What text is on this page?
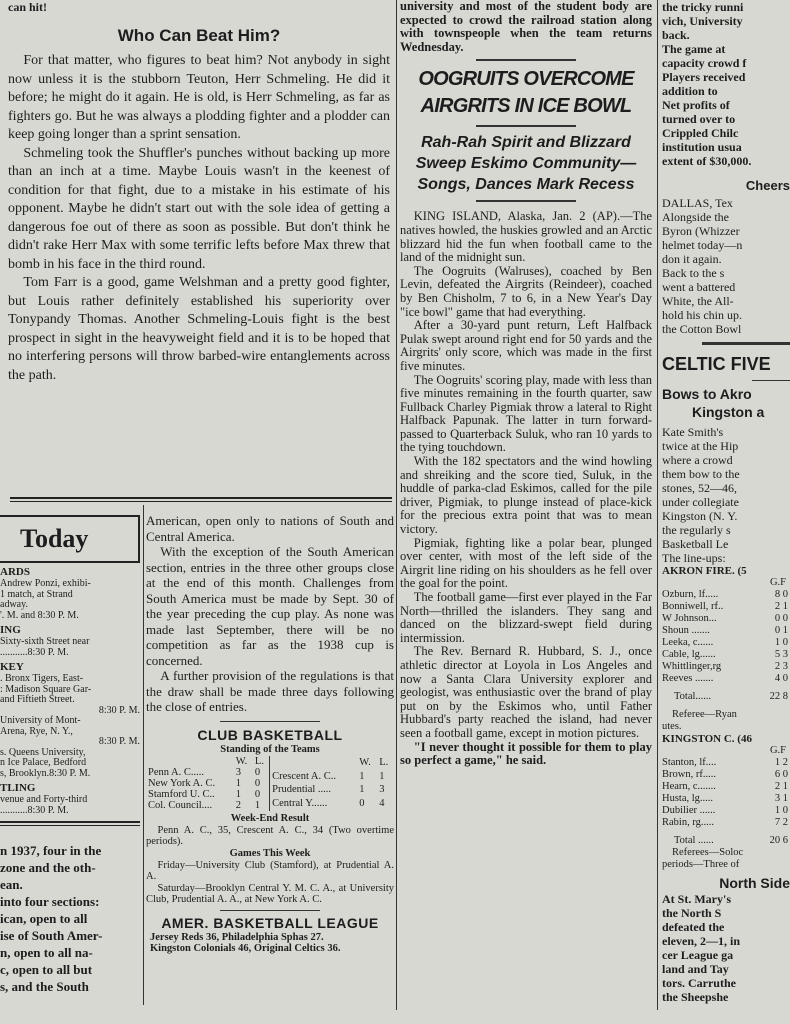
can hit!

Who Can Beat Him?

For that matter, who figures to beat him? Not anybody in sight now unless it is the stubborn Teuton, Herr Schmeling. He did it before; he might do it again. He is old, is Herr Schmeling, as far as fighters go. But he was always a plodding fighter and a plodder can keep going longer than a sprint sensation.

Schmeling took the Shuffler's punches without backing up more than an inch at a time. Maybe Louis wasn't in the keenest of condition for that fight, due to a mistake in his estimate of his opponent. Maybe he didn't start out with the sole idea of getting a dangerous foe out of there as soon as possible. But don't think he didn't rake Herr Max with some terrific lefts before Max threw that bomb in his face in the third round.

Tom Farr is a good, game Welshman and a pretty good fighter, but Louis rather definitely established his superiority over Tonypandy Thomas. Another Schmeling-Louis fight is the best prospect in sight in the heavyweight field and it is to be hoped that no interfering persons will throw barbed-wire entanglements across the path.

university and most of the student body are expected to crowd the railroad station along with townspeople when the team returns Wednesday.

OOGRUITS OVERCOME
AIRGRITS IN ICE BOWL
Rah-Rah Spirit and Blizzard
Sweep Eskimo Community—
Songs, Dances Mark Recess

KING ISLAND, Alaska, Jan. 2 (AP).—The natives howled, the huskies growled and an Arctic blizzard hid the fun when football came to the land of the midnight sun.

The Oogruits (Walruses), coached by Ben Levin, defeated the Airgrits (Reindeer), coached by Ben Chisholm, 7 to 6, in a New Year's Day "ice bowl" game that had everything.

After a 30-yard punt return, Left Halfback Pulak swept around right end for 50 yards and the Airgrits' only score, which was made in the first five minutes.

The Oogruits' scoring play, made with less than five minutes remaining in the fourth quarter, saw Fullback Charley Pigmiak throw a lateral to Right Halfback Papunak. The latter in turn forward-passed to Quarterback Suluk, who ran 10 yards to the tying touchdown.

With the 182 spectators and the wind howling and shreiking and the score tied, Suluk, in the huddle of parka-clad Eskimos, called for the pile driver, Pigmiak, to plunge instead of place-kick for the precious extra point that was to mean victory.

Pigmiak, fighting like a polar bear, plunged over center, with most of the left side of the Airgrit line riding on his shoulders as he fell over the goal for the point.

The football game—first ever played in the Far North—thrilled the islanders. They sang and danced on the blizzard-swept field during intermission.

The Rev. Bernard R. Hubbard, S. J., once athletic director at Loyola in Los Angeles and now a Santa Clara University explorer and geologist, was enthusiastic over the brand of play put on by the Eskimos who, until Father Hubbard's party reached the island, had never seen a football game, except in motion pictures.

"I never thought it possible for them to play so perfect a game," he said.

the tricky runni
vich, University
back.
The game at
capacity crowd f
Players received
addition to
Net profits of
turned over to
Crippled Chilc
institution usua
extent of $30,000.
Cheers
DALLAS, Tex
Alongside the
Byron (Whizzer
helmet today—n
don it again.
Back to the s
went a battered
White, the All-
hold his chin up.
the Cotton Bowl
CELTIC FIVE
Bows to Akro
Kingston a
Kate Smith's
twice at the Hip
where a crowd
them bow to the
stones, 52—46,
under collegiate
Kingston (N. Y.
the regularly s
Basketball Le
The line-ups:
AKRON FIRE. (5
G.F
Ozburn, lf.....	8 0
Bonniwell, rf..	2 1
W Johnson...	0 0
Shoun .......	0 1
Leeka, c......	1 0
Cable, lg......	5 3
Whittlinger,rg	2 3
Reeves .......	4 0
Total......	22 8
Referee—Ryan
utes.
KINGSTON C. (46
G.F
Stanton, lf....	1 2
Brown, rf.....	6 0
Hearn, c.......	2 1
Husta, lg.....	3 1
Dubilier ......	1 0
Rabin, rg.....	7 2
Total ......	20 6
Referees—Soloc
periods—Three of
North Side
At St. Mary's
the North S
defeated the
eleven, 2—1, in
cer League ga
land and Tay
tors. Carruthe
the Sheepshe
Today
ARDS
Andrew Ponzi, exhibi-
1 match, at Strand
adway.
'. M. and 8:30 P. M.
ING
Sixty-sixth Street near
...........8:30 P. M.
KEY
. Bronx Tigers, East-
: Madison Square Gar-
and Fiftieth Street.
8:30 P. M.
University of Mont-
Arena, Rye, N. Y.,
8:30 P. M.
s. Queens University,
n Ice Palace, Bedford
s, Brooklyn.8:30 P. M.
TLING
venue and Forty-third
...........8:30 P. M.
n 1937, four in the
zone and the oth-
ean.
into four sections:
ican, open to all
ise of South Amer-
n, open to all na-
c, open to all but
s, and the South

American, open only to nations of South and Central America.

With the exception of the South American section, entries in the three other groups close at the end of this month. Challenges from South America must be made by Sept. 30 of the year preceding the cup play. As none was made last September, there will be no competition as far as the 1938 cup is concerned.

A further provision of the regulations is that the draw shall be made three days following the close of entries.

CLUB BASKETBALL
Standing of the Teams
	W.	L.
Penn A. C.....	3	0
New York A. C.	1	0
Stamford U. C..	1	0
Col. Council....	2	1
	W.	L.
Crescent A. C..	1	1
Prudential .....	1	3
Central Y......	0	4
Week-End Result

Penn A. C., 35, Crescent A. C., 34 (Two overtime periods).

Games This Week

Friday—University Club (Stamford), at Prudential A. A.

Saturday—Brooklyn Central Y. M. C. A., at University Club, Prudential A. A., at New York A. C.

AMER. BASKETBALL LEAGUE

Jersey Reds 36, Philadelphia Sphas 27.

Kingston Colonials 46, Original Celtics 36.
